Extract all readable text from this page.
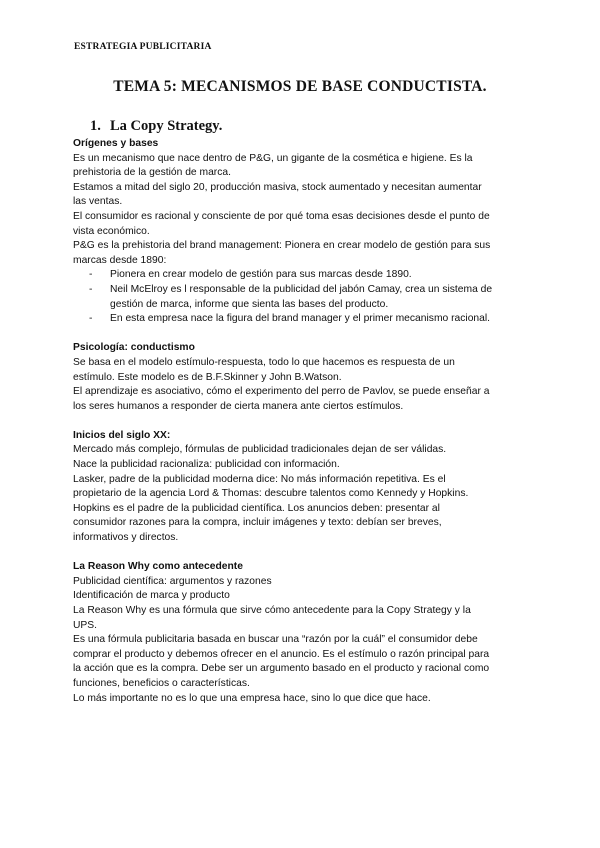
ESTRATEGIA PUBLICITARIA
TEMA 5: MECANISMOS DE BASE CONDUCTISTA.
1. La Copy Strategy.

Orígenes y bases

Es un mecanismo que nace dentro de P&G, un gigante de la cosmética e higiene. Es la

prehistoria de la gestión de marca.

Estamos a mitad del siglo 20, producción masiva, stock aumentado y necesitan aumentar

las ventas.

El consumidor es racional y consciente de por qué toma esas decisiones desde el punto de

vista económico.

P&G es la prehistoria del brand management: Pionera en crear modelo de gestión para sus

marcas desde 1890:

- Pionera en crear modelo de gestión para sus marcas desde 1890.
- Neil McElroy es l responsable de la publicidad del jabón Camay, crea un sistema de
gestión de marca, informe que sienta las bases del producto.
- En esta empresa nace la figura del brand manager y el primer mecanismo racional.

Psicología: conductismo

Se basa en el modelo estímulo-respuesta, todo lo que hacemos es respuesta de un

estímulo. Este modelo es de B.F.Skinner y John B.Watson.

El aprendizaje es asociativo, cómo el experimento del perro de Pavlov, se puede enseñar a

los seres humanos a responder de cierta manera ante ciertos estímulos.

Inicios del siglo XX:

Mercado más complejo, fórmulas de publicidad tradicionales dejan de ser válidas.

Nace la publicidad racionaliza: publicidad con información.

Lasker, padre de la publicidad moderna dice: No más información repetitiva. Es el

propietario de la agencia Lord & Thomas: descubre talentos como Kennedy y Hopkins.

Hopkins es el padre de la publicidad científica. Los anuncios deben: presentar al

consumidor razones para la compra, incluir imágenes y texto: debían ser breves,

informativos y directos.

La Reason Why como antecedente

Publicidad científica: argumentos y razones

Identificación de marca y producto

La Reason Why es una fórmula que sirve cómo antecedente para la Copy Strategy y la

UPS.

Es una fórmula publicitaria basada en buscar una “razón por la cuál” el consumidor debe

comprar el producto y debemos ofrecer en el anuncio. Es el estímulo o razón principal para

la acción que es la compra. Debe ser un argumento basado en el producto y racional como

funciones, beneficios o características.

Lo más importante no es lo que una empresa hace, sino lo que dice que hace.
